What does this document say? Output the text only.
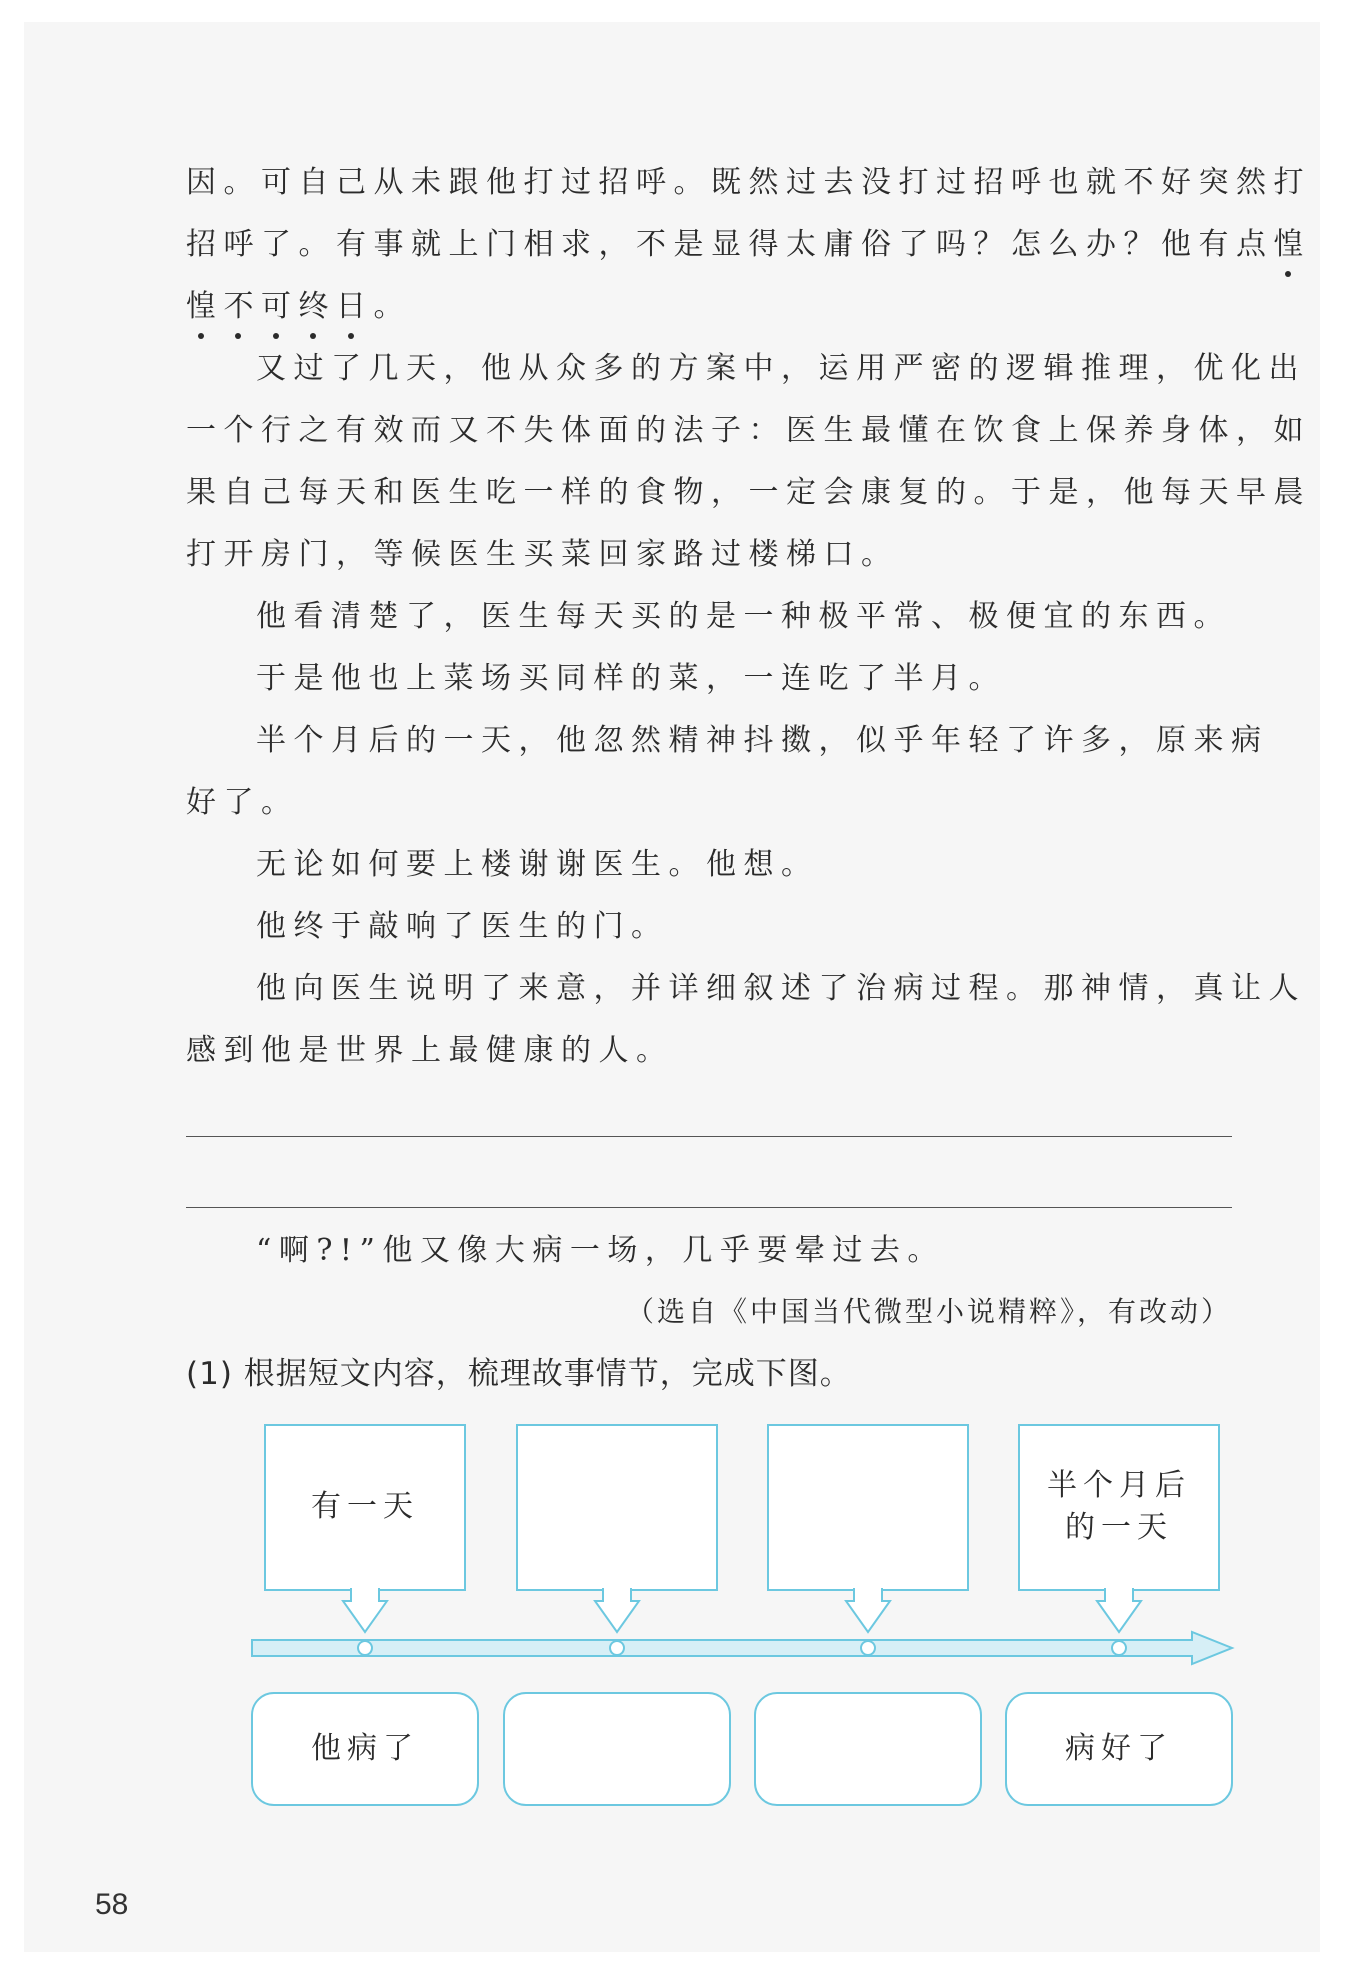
因。可自己从未跟他打过招呼。既然过去没打过招呼也就不好突然打
招呼了。有事就上门相求，不是显得太庸俗了吗？怎么办？他有点惶
惶不可终日。
又过了几天，他从众多的方案中，运用严密的逻辑推理，优化出
一个行之有效而又不失体面的法子：医生最懂在饮食上保养身体，如
果自己每天和医生吃一样的食物，一定会康复的。于是，他每天早晨
打开房门，等候医生买菜回家路过楼梯口。
他看清楚了，医生每天买的是一种极平常、极便宜的东西。
于是他也上菜场买同样的菜，一连吃了半月。
半个月后的一天，他忽然精神抖擞，似乎年轻了许多，原来病
好了。
无论如何要上楼谢谢医生。他想。
他终于敲响了医生的门。
他向医生说明了来意，并详细叙述了治病过程。那神情，真让人
感到他是世界上最健康的人。
“啊?!”他又像大病一场，几乎要晕过去。
（选自《中国当代微型小说精粹》，有改动）
(1) 根据短文内容，梳理故事情节，完成下图。
有一天
他病了
半个月后
的一天
病好了
58
